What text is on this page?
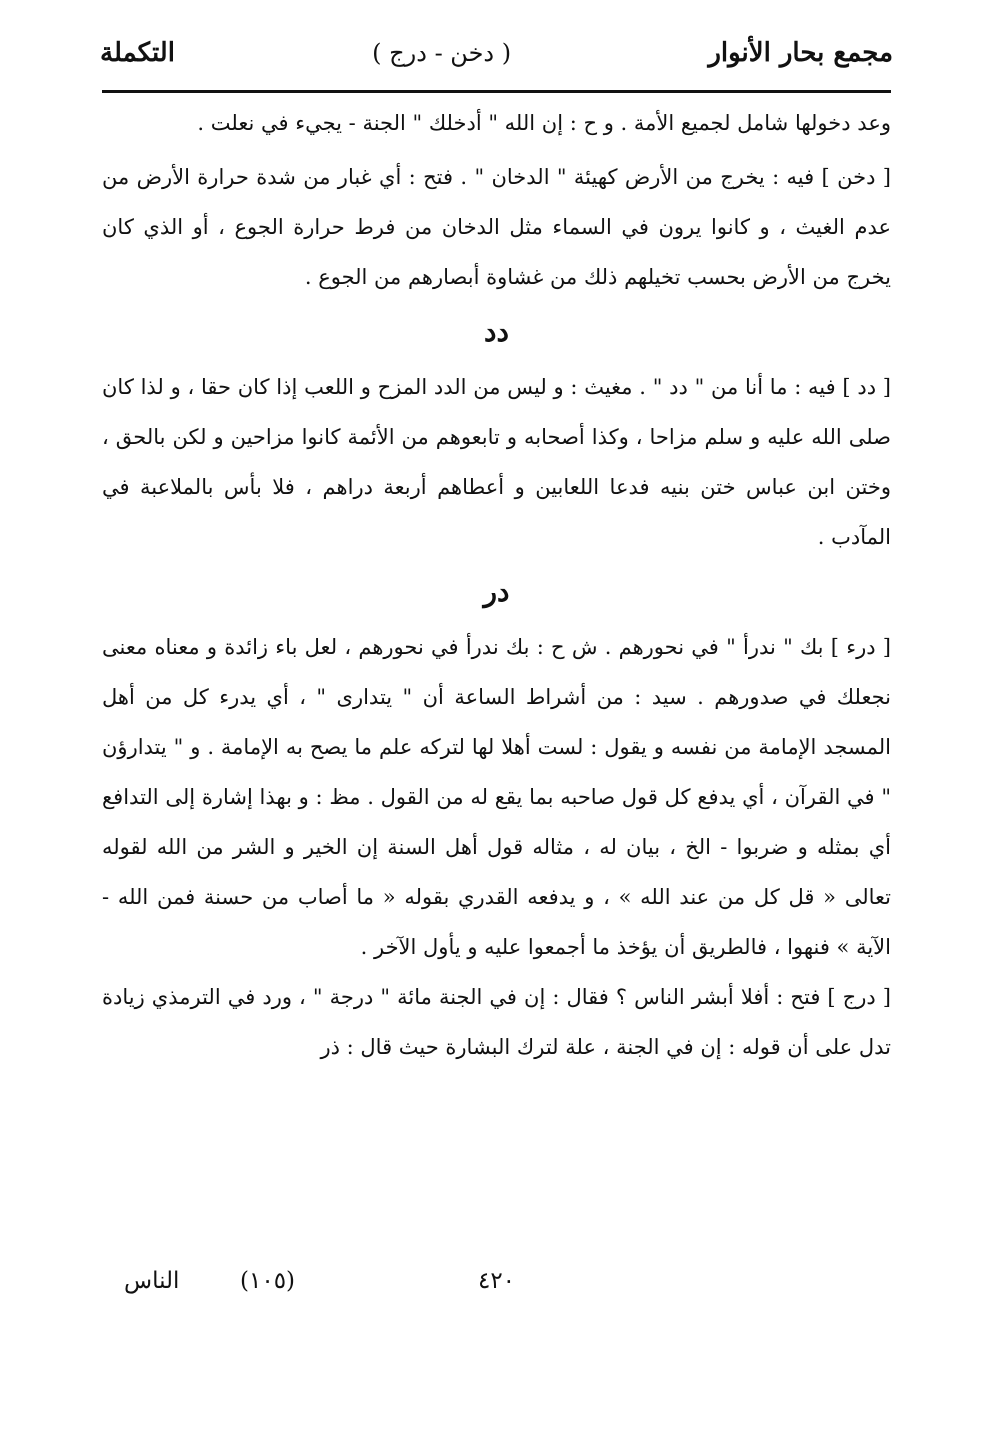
مجمع بحار الأنوار
( دخن - درج )
التكملة

وعد دخولها شامل لجميع الأمة . و ح : إن الله " أدخلك " الجنة - يجيء في نعلت .

[ دخن ] فيه : يخرج من الأرض كهيئة " الدخان " . فتح : أي غبار من شدة حرارة الأرض من عدم الغيث ، و كانوا يرون في السماء مثل الدخان من فرط حرارة الجوع ، أو الذي كان يخرج من الأرض بحسب تخيلهم ذلك من غشاوة أبصارهم من الجوع .

دد

[ دد ] فيه : ما أنا من " دد " . مغيث : و ليس من الدد المزح و اللعب إذا كان حقا ، و لذا كان صلى الله عليه و سلم مزاحا ، وكذا أصحابه و تابعوهم من الأئمة كانوا مزاحين و لكن بالحق ، وختن ابن عباس ختن بنيه فدعا اللعابين و أعطاهم أربعة دراهم ، فلا بأس بالملاعبة في المآدب .

در

[ درء ] بك " ندرأ " في نحورهم . ش ح : بك ندرأ في نحورهم ، لعل باء زائدة و معناه معنى نجعلك في صدورهم . سيد : من أشراط الساعة أن " يتدارى " ، أي يدرء كل من أهل المسجد الإمامة من نفسه و يقول : لست أهلا لها لتركه علم ما يصح به الإمامة . و " يتدارؤن " في القرآن ، أي يدفع كل قول صاحبه بما يقع له من القول . مظ : و بهذا إشارة إلى التدافع أي بمثله و ضربوا - الخ ، بيان له ، مثاله قول أهل السنة إن الخير و الشر من الله لقوله تعالى « قل كل من عند الله » ، و يدفعه القدري بقوله « ما أصاب من حسنة فمن الله - الآية » فنهوا ، فالطريق أن يؤخذ ما أجمعوا عليه و يأول الآخر .

[ درج ] فتح : أفلا أبشر الناس ؟ فقال : إن في الجنة مائة " درجة " ، ورد في الترمذي زيادة تدل على أن قوله : إن في الجنة ، علة لترك البشارة حيث قال : ذر

٤٢٠
(١٠٥)
الناس
